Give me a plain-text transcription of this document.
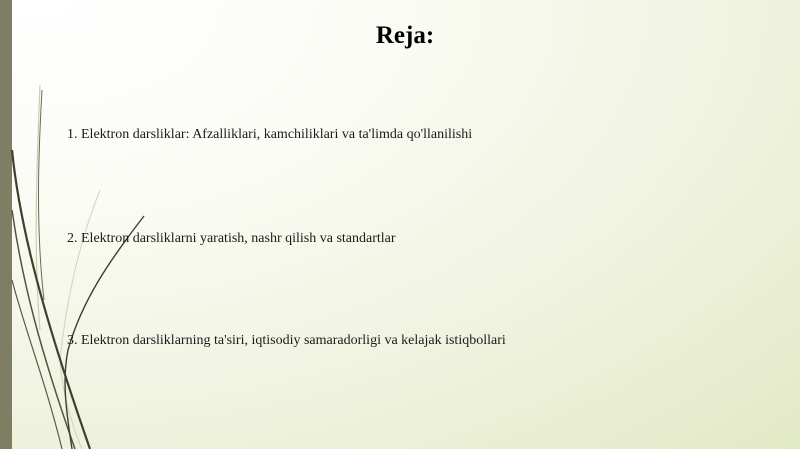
Reja:
1. Elektron darsliklar: Afzalliklari, kamchiliklari va ta'limda qo'llanilishi
2. Elektron darsliklarni yaratish, nashr qilish va standartlar
3. Elektron darsliklarning ta'siri, iqtisodiy samaradorligi va kelajak istiqbollari
